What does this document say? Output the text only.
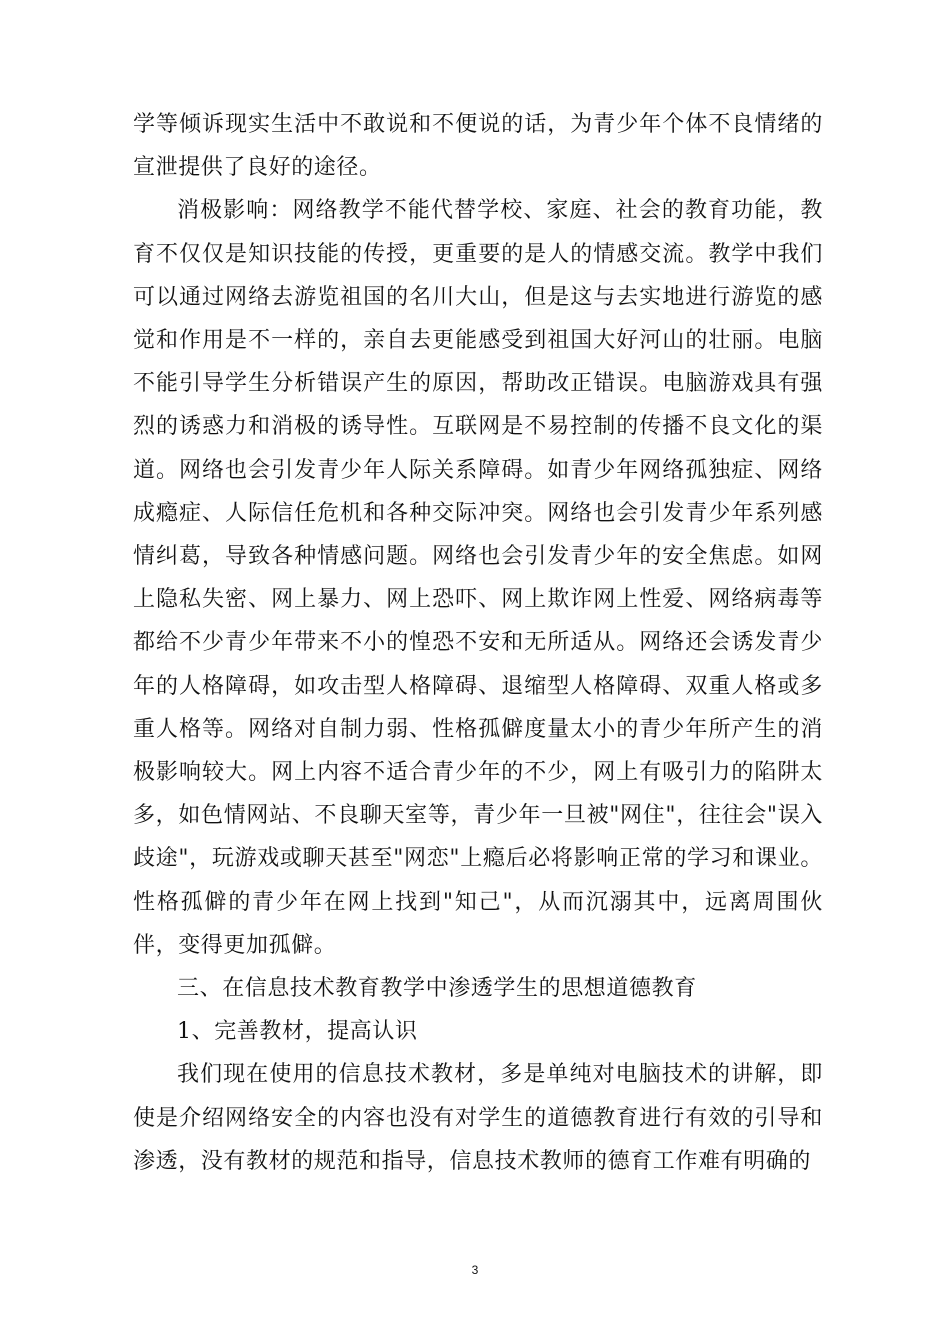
学等倾诉现实生活中不敢说和不便说的话，为青少年个体不良情绪的宣泄提供了良好的途径。

消极影响：网络教学不能代替学校、家庭、社会的教育功能，教育不仅仅是知识技能的传授，更重要的是人的情感交流。教学中我们可以通过网络去游览祖国的名川大山，但是这与去实地进行游览的感觉和作用是不一样的，亲自去更能感受到祖国大好河山的壮丽。电脑不能引导学生分析错误产生的原因，帮助改正错误。电脑游戏具有强烈的诱惑力和消极的诱导性。互联网是不易控制的传播不良文化的渠道。网络也会引发青少年人际关系障碍。如青少年网络孤独症、网络成瘾症、人际信任危机和各种交际冲突。网络也会引发青少年系列感情纠葛，导致各种情感问题。网络也会引发青少年的安全焦虑。如网上隐私失密、网上暴力、网上恐吓、网上欺诈网上性爱、网络病毒等都给不少青少年带来不小的惶恐不安和无所适从。网络还会诱发青少年的人格障碍，如攻击型人格障碍、退缩型人格障碍、双重人格或多重人格等。网络对自制力弱、性格孤僻度量太小的青少年所产生的消极影响较大。网上内容不适合青少年的不少，网上有吸引力的陷阱太多，如色情网站、不良聊天室等，青少年一旦被"网住"，往往会"误入歧途"，玩游戏或聊天甚至"网恋"上瘾后必将影响正常的学习和课业。性格孤僻的青少年在网上找到"知己"，从而沉溺其中，远离周围伙伴，变得更加孤僻。

三、在信息技术教育教学中渗透学生的思想道德教育

1、完善教材，提高认识

我们现在使用的信息技术教材，多是单纯对电脑技术的讲解，即使是介绍网络安全的内容也没有对学生的道德教育进行有效的引导和渗透，没有教材的规范和指导，信息技术教师的德育工作难有明确的

3
